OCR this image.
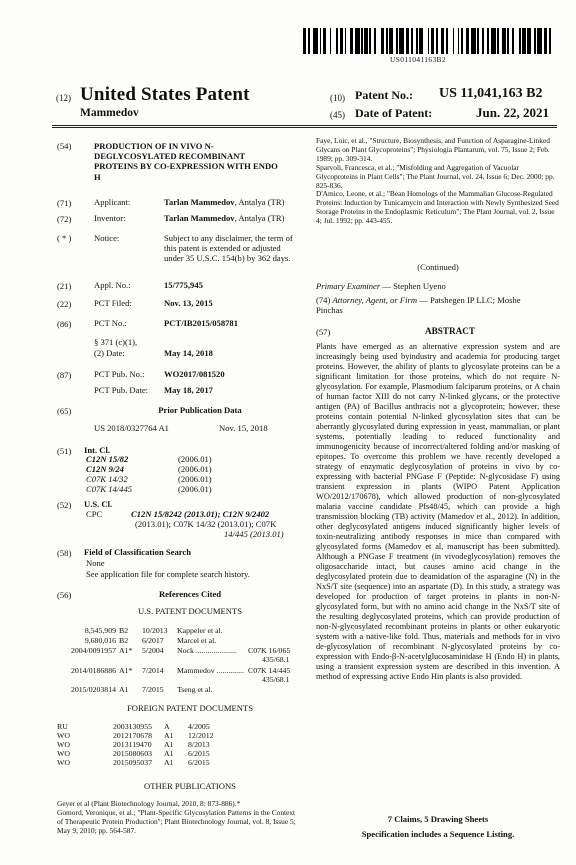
US011041163B2
(12) United States Patent
Mammedov
(10) Patent No.: US 11,041,163 B2
(45) Date of Patent:	Jun. 22, 2021
(54)	PRODUCTION OF IN VIVO N-DEGLYCOSYLATED RECOMBINANT PROTEINS BY CO-EXPRESSION WITH ENDO H
(71)	Applicant:	Tarlan Mammedov, Antalya (TR)
(72)	Inventor:	Tarlan Mammedov, Antalya (TR)
( * )	Notice:	Subject to any disclaimer, the term of this patent is extended or adjusted under 35 U.S.C. 154(b) by 362 days.
(21)	Appl. No.:	15/775,945
(22)	PCT Filed:	Nov. 13, 2015
(86)	PCT No.:	PCT/IB2015/058781
§ 371 (c)(1),
(2) Date:	May 14, 2018
(87)	PCT Pub. No.: WO2017/081520
PCT Pub. Date: May 18, 2017
(65)	Prior Publication Data
US 2018/0327764 A1	Nov. 15, 2018
(51) Int. Cl.
C12N 15/82	(2006.01)
C12N 9/24	(2006.01)
C07K 14/32	(2006.01)
C07K 14/445	(2006.01)
(52) U.S. Cl.
CPC	C12N 15/8242 (2013.01); C12N 9/2402
(2013.01); C07K 14/32 (2013.01); C07K
14/445 (2013.01)
(58) Field of Classification Search
None
See application file for complete search history.
(56)	References Cited
U.S. PATENT DOCUMENTS
8,545,909 B2 10/2013 Kappeler et al.
9,680,016 B2 6/2017 Marcel et al.
2004/0091957 A1* 5/2004 Nock ..................... C07K 16/065
435/68.1
2014/0186886 A1* 7/2014 Mammedov .............. C07K 14/445
435/68.1
2015/0203814 A1 7/2015 Tseng et al.
FOREIGN PATENT DOCUMENTS
RU	2003130955 A 4/2005
WO	2012170678 A1 12/2012
WO	2013119470 A1 8/2013
WO	2015080603 A1 6/2015
WO	2015095037 A1 6/2015
OTHER PUBLICATIONS
Geyer et al (Plant Biotechnology Journal, 2010, 8: 873-886).*
Gomord, Veronique, et al.; "Plant-Specific Glycosylation Patterns in the Context of Therapeutic Protein Production"; Plant Biotechnology Journal, vol. 8, Issue 5; May 9, 2010; pp. 564-587.
Faye, Loic, et al., "Structure, Biosynthesis, and Function of Asparagine-Linked Glycans on Plant Glycoproteins"; Physiologia Plantarum, vol. 75, Issue 2; Feb. 1989; pp. 309-314.
Sparvoli, Francesca, et al.; "Misfolding and Aggregation of Vacuolar Glycoproteins in Plant Cells"; The Plant Journal, vol. 24, Issue 6; Dec. 2000; pp. 825-836.
D'Amico, Leone, et al.; "Bean Homologs of the Mammalian Glucose-Regulated Proteins: Induction by Tunicamycin and Interaction with Newly Synthesized Seed Storage Proteins in the Endoplasmic Reticulum"; The Plant Journal, vol. 2, Issue 4; Jul. 1992; pp. 443-455.
(Continued)
Primary Examiner — Stephen Uyeno
(74) Attorney, Agent, or Firm — Patshegen IP LLC; Moshe Pinchas
(57)	ABSTRACT
Plants have emerged as an alternative expression system and are increasingly being used byindustry and academia for producing target proteins. However, the ability of plants to glycosylate proteins can be a significant limitation for those proteins, which do not require N-glycosylation. For example, Plasmodium falciparum proteins, or A chain of human factor XIII do not carry N-linked glycans, or the protective antigen (PA) of Bacillus anthracis not a glycoprotein; however, these proteins contain potential N-linked glycosylation sites that can be aberrantly glycosylated during expression in yeast, mammalian, or plant systems, potentially leading to reduced functionality and immunogenicity because of incorrect/altered folding and/or masking of epitopes. To overcome this problem we have recently developed a strategy of enzymatic deglycosylation of proteins in vivo by co-expressing with bacterial PNGase F (Peptide: N-glycosidase F) using transient expression in plants (WIPO Patent Application WO/2012/170678), which allowed production of non-glycosylated malaria vaccine candidate Pfs48/45, which can provide a high transmission blocking (TB) activity (Mamedov et al., 2012). In addition, other deglycosylated antigens induced significantly higher levels of toxin-neutralizing antibody responses in mice than compared with glycosylated forms (Mamedov et al, manuscript has been submitted). Although a PNGase F treatment (in vivodeglycosylation) removes the oligosaccharide intact, but causes amino acid change in the deglycosylated protein due to deamidation of the asparagine (N) in the NxS/T site (sequence) into an aspartate (D). In this study, a strategy was developed for production of target proteins in plants in non-N-glycosylated form, but with no amino acid change in the NxS/T site of the resulting deglycosylated proteins, which can provide production of non-N-glycosylated recombinant proteins in plants or other eukaryotic system with a native-like fold. Thus, materials and methods for in vivo de-glycosylation of recombinant N-glycosylated proteins by co-expression with Endo-β-N-acetylglucosaminidase H (Endo H) in plants, using a transient expression system are described in this invention. A method of expressing active Endo Hin plants is also provided.
7 Claims, 5 Drawing Sheets
Specification includes a Sequence Listing.
